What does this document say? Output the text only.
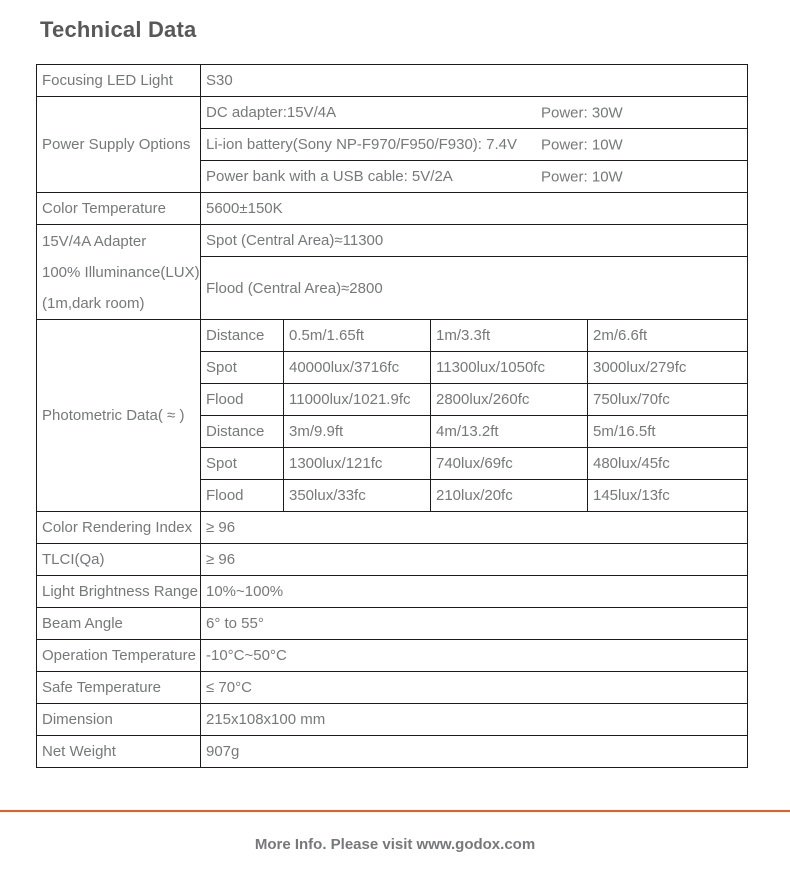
Technical Data
Focusing LED Light	S30			
Power Supply Options	DC adapter:15V/4A Power: 30W			

	Li-ion battery(Sony NP-F970/F950/F930): 7.4V Power: 10W			

	Power bank with a USB cable: 5V/2A Power: 10W			

Color Temperature	5600±150K			

15V/4A Adapter
100% Illuminance(LUX)
(1m,dark room)	Spot (Central Area)≈11300			
	Flood (Central Area)≈2800			
Photometric Data( ≈ )	Distance	0.5m/1.65ft	1m/3.3ft	2m/6.6ft
	Spot	40000lux/3716fc	11300lux/1050fc	3000lux/279fc
	Flood	11000lux/1021.9fc	2800lux/260fc	750lux/70fc
	Distance	3m/9.9ft	4m/13.2ft	5m/16.5ft
	Spot	1300lux/121fc	740lux/69fc	480lux/45fc
	Flood	350lux/33fc	210lux/20fc	145lux/13fc
Color Rendering Index	≥ 96			
TLCI(Qa)	≥ 96			
Light Brightness Range	10%~100%			
Beam Angle	6° to 55°			
Operation Temperature	-10°C~50°C			
Safe Temperature	≤ 70°C			
Dimension	215x108x100 mm			
Net Weight	907g			
More Info. Please visit www.godox.com
